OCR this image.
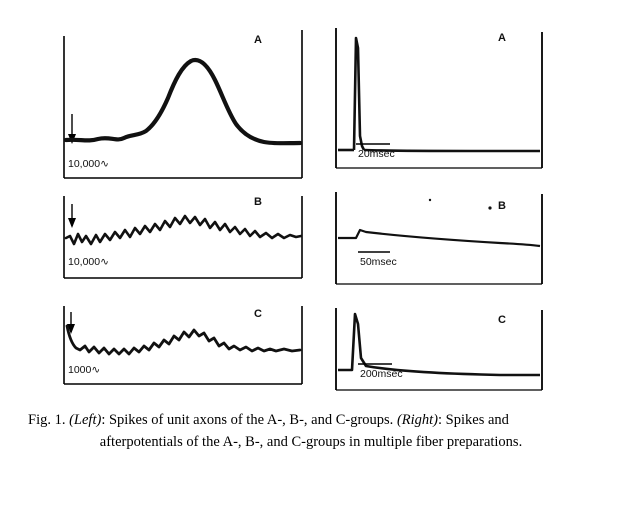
A
10,000∿
B
10,000∿
C
1000∿
A
20msec
B
50msec
C
200msec
Fig. 1. (Left): Spikes of unit axons of the A-, B-, and C-groups. (Right): Spikes and
afterpotentials of the A-, B-, and C-groups in multiple fiber preparations.
